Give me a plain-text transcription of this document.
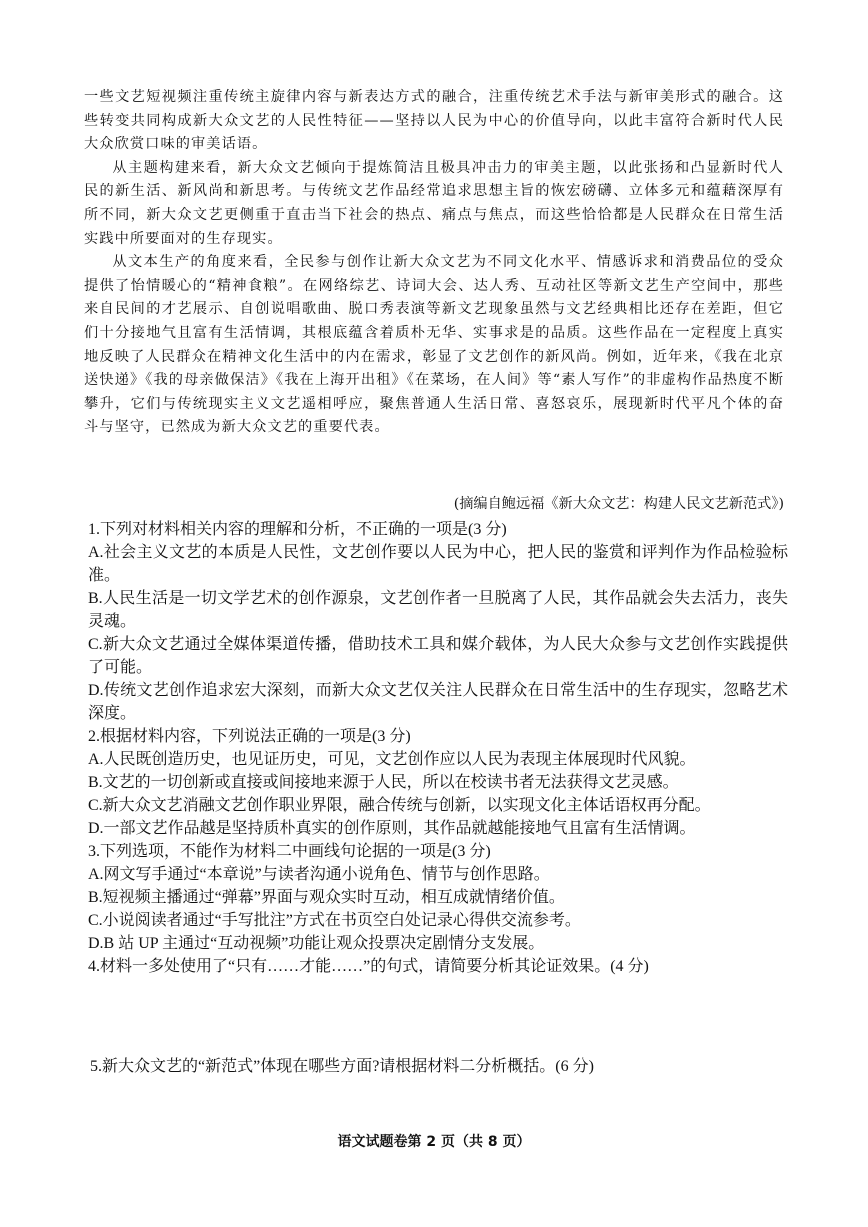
一些文艺短视频注重传统主旋律内容与新表达方式的融合，注重传统艺术手法与新审美形式的融合。这些转变共同构成新大众文艺的人民性特征——坚持以人民为中心的价值导向，以此丰富符合新时代人民大众欣赏口味的审美话语。

从主题构建来看，新大众文艺倾向于提炼简洁且极具冲击力的审美主题，以此张扬和凸显新时代人民的新生活、新风尚和新思考。与传统文艺作品经常追求思想主旨的恢宏磅礴、立体多元和蕴藉深厚有所不同，新大众文艺更侧重于直击当下社会的热点、痛点与焦点，而这些恰恰都是人民群众在日常生活实践中所要面对的生存现实。

从文本生产的角度来看，全民参与创作让新大众文艺为不同文化水平、情感诉求和消费品位的受众提供了怡情暖心的“精神食粮”。在网络综艺、诗词大会、达人秀、互动社区等新文艺生产空间中，那些来自民间的才艺展示、自创说唱歌曲、脱口秀表演等新文艺现象虽然与文艺经典相比还存在差距，但它们十分接地气且富有生活情调，其根底蕴含着质朴无华、实事求是的品质。这些作品在一定程度上真实地反映了人民群众在精神文化生活中的内在需求，彰显了文艺创作的新风尚。例如，近年来，《我在北京送快递》《我的母亲做保洁》《我在上海开出租》《在菜场，在人间》等“素人写作”的非虚构作品热度不断攀升，它们与传统现实主义文艺遥相呼应，聚焦普通人生活日常、喜怒哀乐，展现新时代平凡个体的奋斗与坚守，已然成为新大众文艺的重要代表。

(摘编自鲍远福《新大众文艺：构建人民文艺新范式》)

1.下列对材料相关内容的理解和分析，不正确的一项是(3 分)

A.社会主义文艺的本质是人民性，文艺创作要以人民为中心，把人民的鉴赏和评判作为作品检验标准。

B.人民生活是一切文学艺术的创作源泉，文艺创作者一旦脱离了人民，其作品就会失去活力，丧失灵魂。

C.新大众文艺通过全媒体渠道传播，借助技术工具和媒介载体，为人民大众参与文艺创作实践提供了可能。

D.传统文艺创作追求宏大深刻，而新大众文艺仅关注人民群众在日常生活中的生存现实，忽略艺术深度。

2.根据材料内容，下列说法正确的一项是(3 分)

A.人民既创造历史，也见证历史，可见，文艺创作应以人民为表现主体展现时代风貌。

B.文艺的一切创新或直接或间接地来源于人民，所以在校读书者无法获得文艺灵感。

C.新大众文艺消融文艺创作职业界限，融合传统与创新，以实现文化主体话语权再分配。

D.一部文艺作品越是坚持质朴真实的创作原则，其作品就越能接地气且富有生活情调。

3.下列选项，不能作为材料二中画线句论据的一项是(3 分)

A.网文写手通过“本章说”与读者沟通小说角色、情节与创作思路。

B.短视频主播通过“弹幕”界面与观众实时互动，相互成就情绪价值。

C.小说阅读者通过“手写批注”方式在书页空白处记录心得供交流参考。

D.B 站 UP 主通过“互动视频”功能让观众投票决定剧情分支发展。

4.材料一多处使用了“只有……才能……”的句式，请简要分析其论证效果。(4 分)

5.新大众文艺的“新范式”体现在哪些方面?请根据材料二分析概括。(6 分)
语文试题卷第 2 页（共 8 页）
